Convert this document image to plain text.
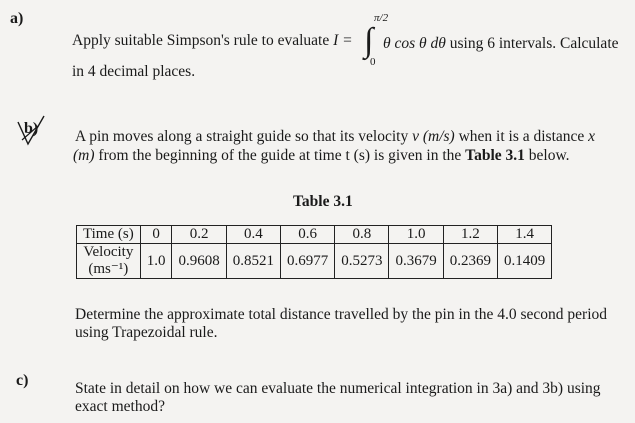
a)
Apply suitable Simpson's rule to evaluate I = ∫
π/2
0
θ cos θ dθ using 6 intervals. Calculate
in 4 decimal places.
b) A pin moves along a straight guide so that its velocity v (m/s) when it is a distance x
(m) from the beginning of the guide at time t (s) is given in the Table 3.1 below.
Table 3.1
Time (s)	0	0.2	0.4	0.6	0.8	1.0	1.2	1.4

Velocity
(ms⁻¹)	1.0	0.9608	0.8521	0.6977	0.5273	0.3679	0.2369	0.1409
Determine the approximate total distance travelled by the pin in the 4.0 second period
using Trapezoidal rule.
c)	State in detail on how we can evaluate the numerical integration in 3a) and 3b) using
exact method?
